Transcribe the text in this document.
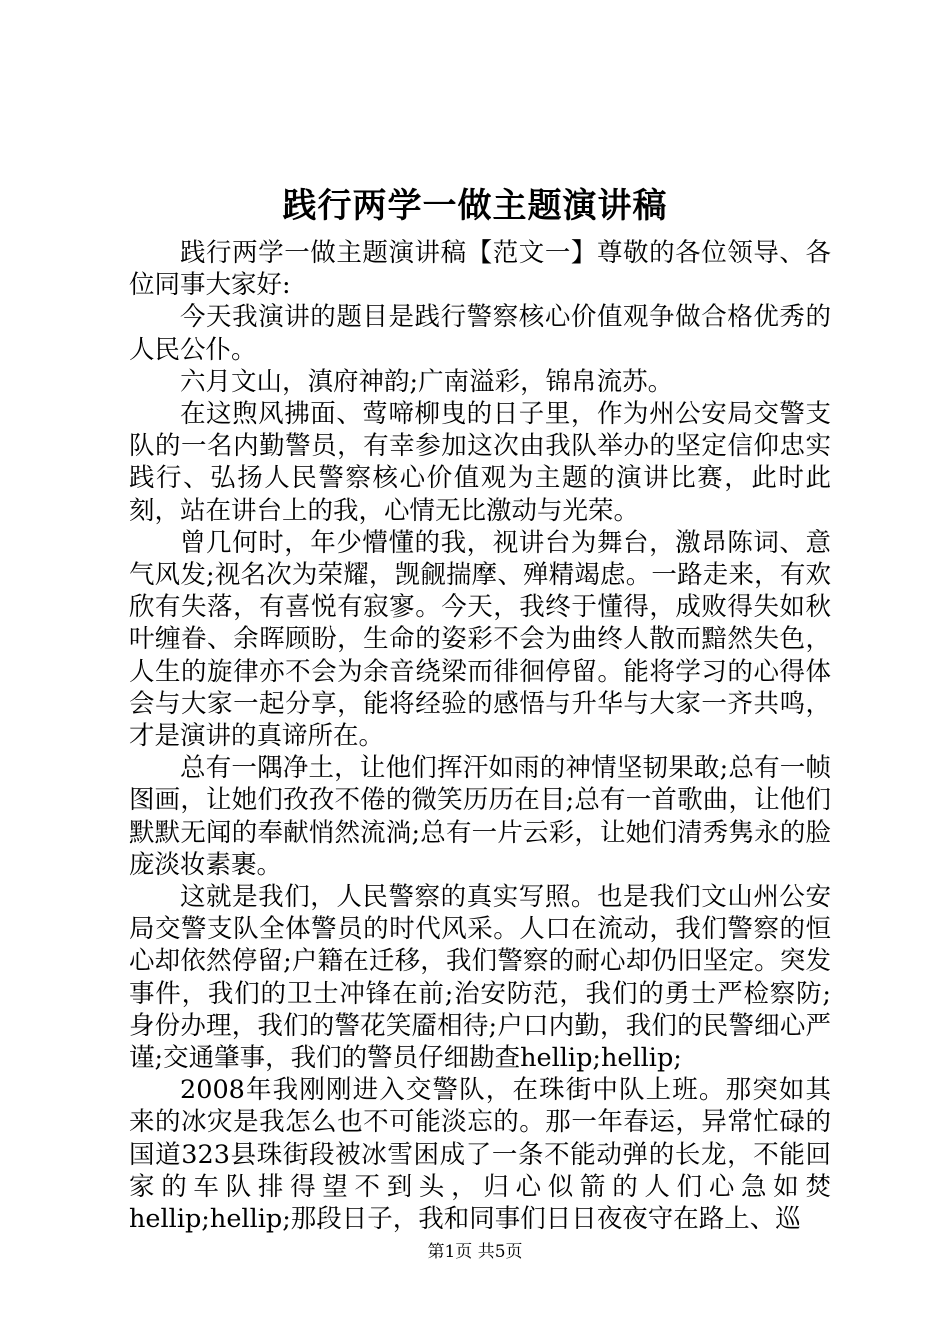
践行两学一做主题演讲稿

践行两学一做主题演讲稿【范文一】尊敬的各位领导、各位同事大家好:

今天我演讲的题目是践行警察核心价值观争做合格优秀的人民公仆。

六月文山，滇府神韵;广南溢彩，锦帛流苏。

在这煦风拂面、莺啼柳曳的日子里，作为州公安局交警支队的一名内勤警员，有幸参加这次由我队举办的坚定信仰忠实践行、弘扬人民警察核心价值观为主题的演讲比赛，此时此刻，站在讲台上的我，心情无比激动与光荣。

曾几何时，年少懵懂的我，视讲台为舞台，激昂陈词、意气风发;视名次为荣耀，觊觎揣摩、殚精竭虑。一路走来，有欢欣有失落，有喜悦有寂寥。今天，我终于懂得，成败得失如秋叶缠眷、余晖顾盼，生命的姿彩不会为曲终人散而黯然失色，人生的旋律亦不会为余音绕梁而徘徊停留。能将学习的心得体会与大家一起分享，能将经验的感悟与升华与大家一齐共鸣，才是演讲的真谛所在。

总有一隅净土，让他们挥汗如雨的神情坚韧果敢;总有一帧图画，让她们孜孜不倦的微笑历历在目;总有一首歌曲，让他们默默无闻的奉献悄然流淌;总有一片云彩，让她们清秀隽永的脸庞淡妆素裹。

这就是我们，人民警察的真实写照。也是我们文山州公安局交警支队全体警员的时代风采。人口在流动，我们警察的恒心却依然停留;户籍在迁移，我们警察的耐心却仍旧坚定。突发事件，我们的卫士冲锋在前;治安防范，我们的勇士严检察防;身份办理，我们的警花笑靥相待;户口内勤，我们的民警细心严谨;交通肇事，我们的警员仔细勘查hellip;hellip;

2008年我刚刚进入交警队，在珠街中队上班。那突如其来的冰灾是我怎么也不可能淡忘的。那一年春运，异常忙碌的国道323县珠街段被冰雪困成了一条不能动弹的长龙，不能回家的车队排得望不到头，归心似箭的人们心急如焚hellip;hellip;那段日子，我和同事们日日夜夜守在路上、巡

第1页 共5页
